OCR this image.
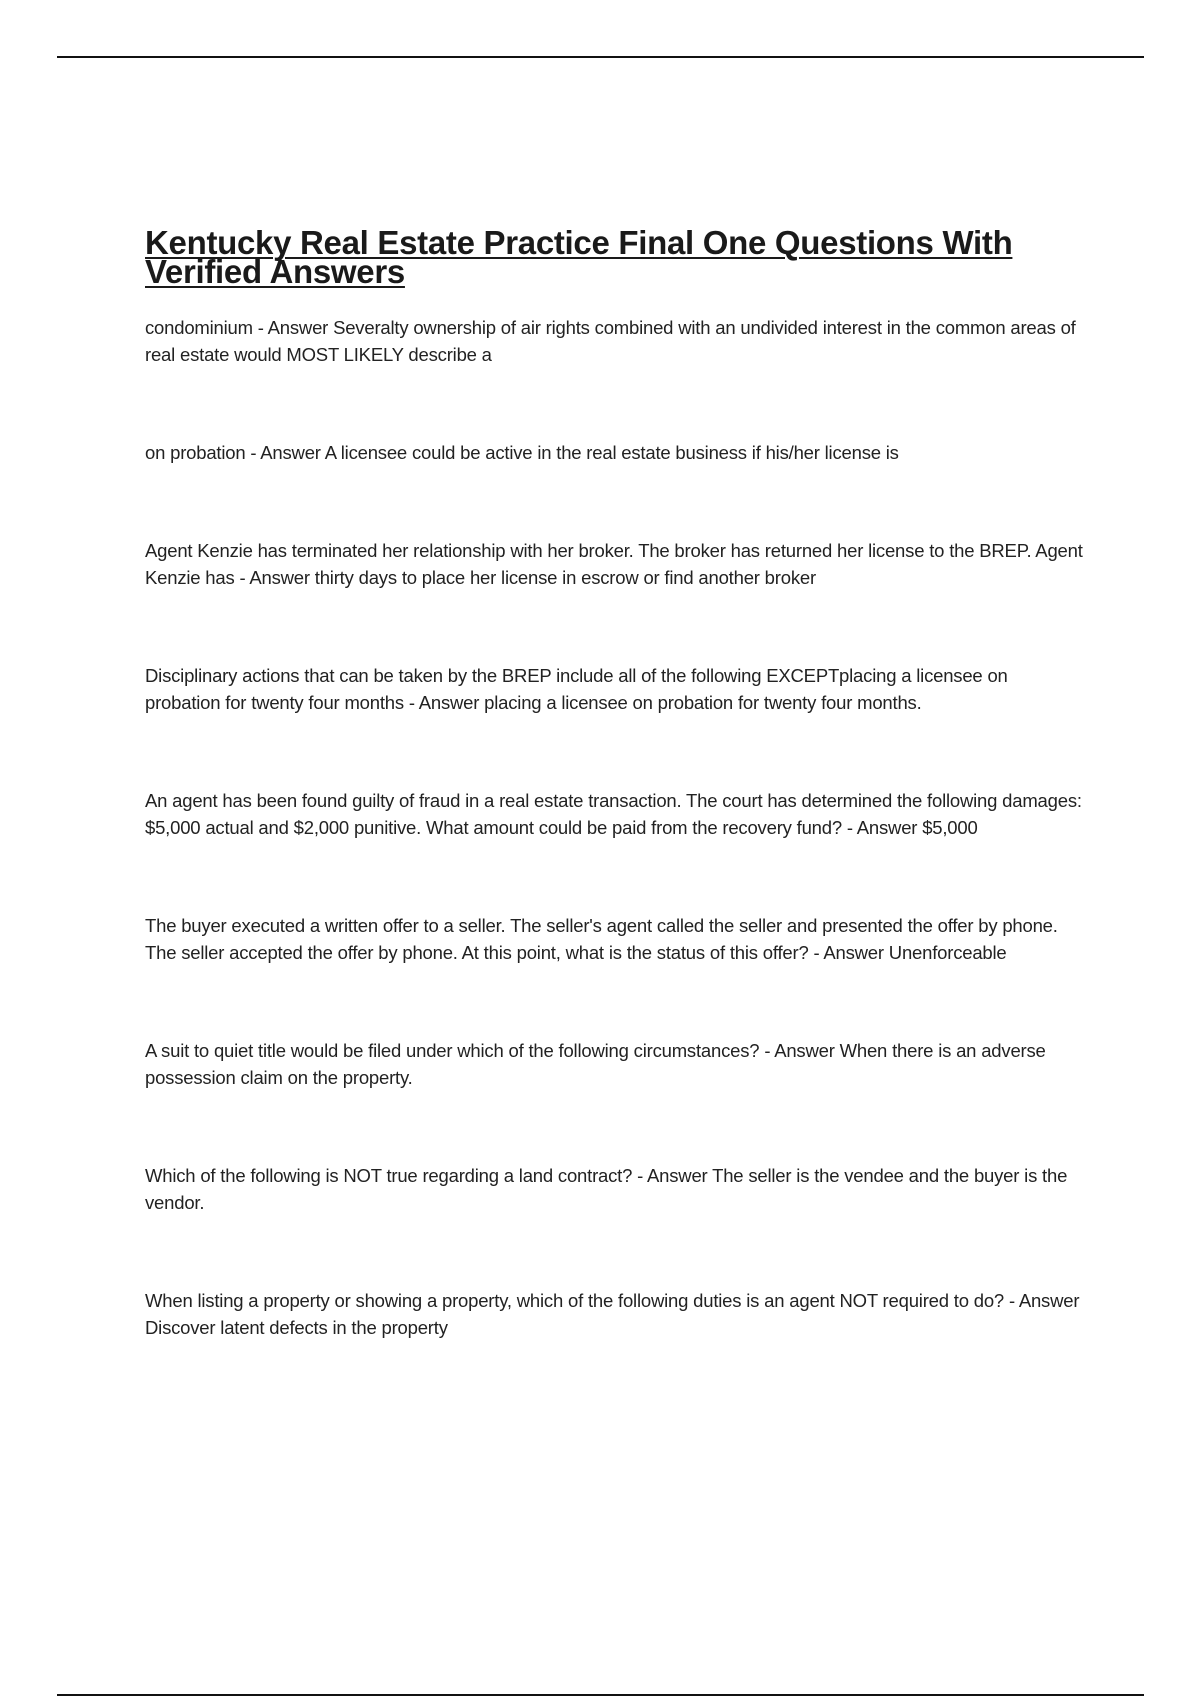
Kentucky Real Estate Practice Final One Questions With Verified Answers
condominium - Answer Severalty ownership of air rights combined with an undivided interest in the common areas of real estate would MOST LIKELY describe a
on probation - Answer A licensee could be active in the real estate business if his/her license is
Agent Kenzie has terminated her relationship with her broker. The broker has returned her license to the BREP. Agent Kenzie has - Answer thirty days to place her license in escrow or find another broker
Disciplinary actions that can be taken by the BREP include all of the following EXCEPTplacing a licensee on probation for twenty four months - Answer placing a licensee on probation for twenty four months.
An agent has been found guilty of fraud in a real estate transaction. The court has determined the following damages: $5,000 actual and $2,000 punitive. What amount could be paid from the recovery fund? - Answer $5,000
The buyer executed a written offer to a seller. The seller's agent called the seller and presented the offer by phone. The seller accepted the offer by phone. At this point, what is the status of this offer? - Answer Unenforceable
A suit to quiet title would be filed under which of the following circumstances? - Answer When there is an adverse possession claim on the property.
Which of the following is NOT true regarding a land contract? - Answer The seller is the vendee and the buyer is the vendor.
When listing a property or showing a property, which of the following duties is an agent NOT required to do? - Answer Discover latent defects in the property
